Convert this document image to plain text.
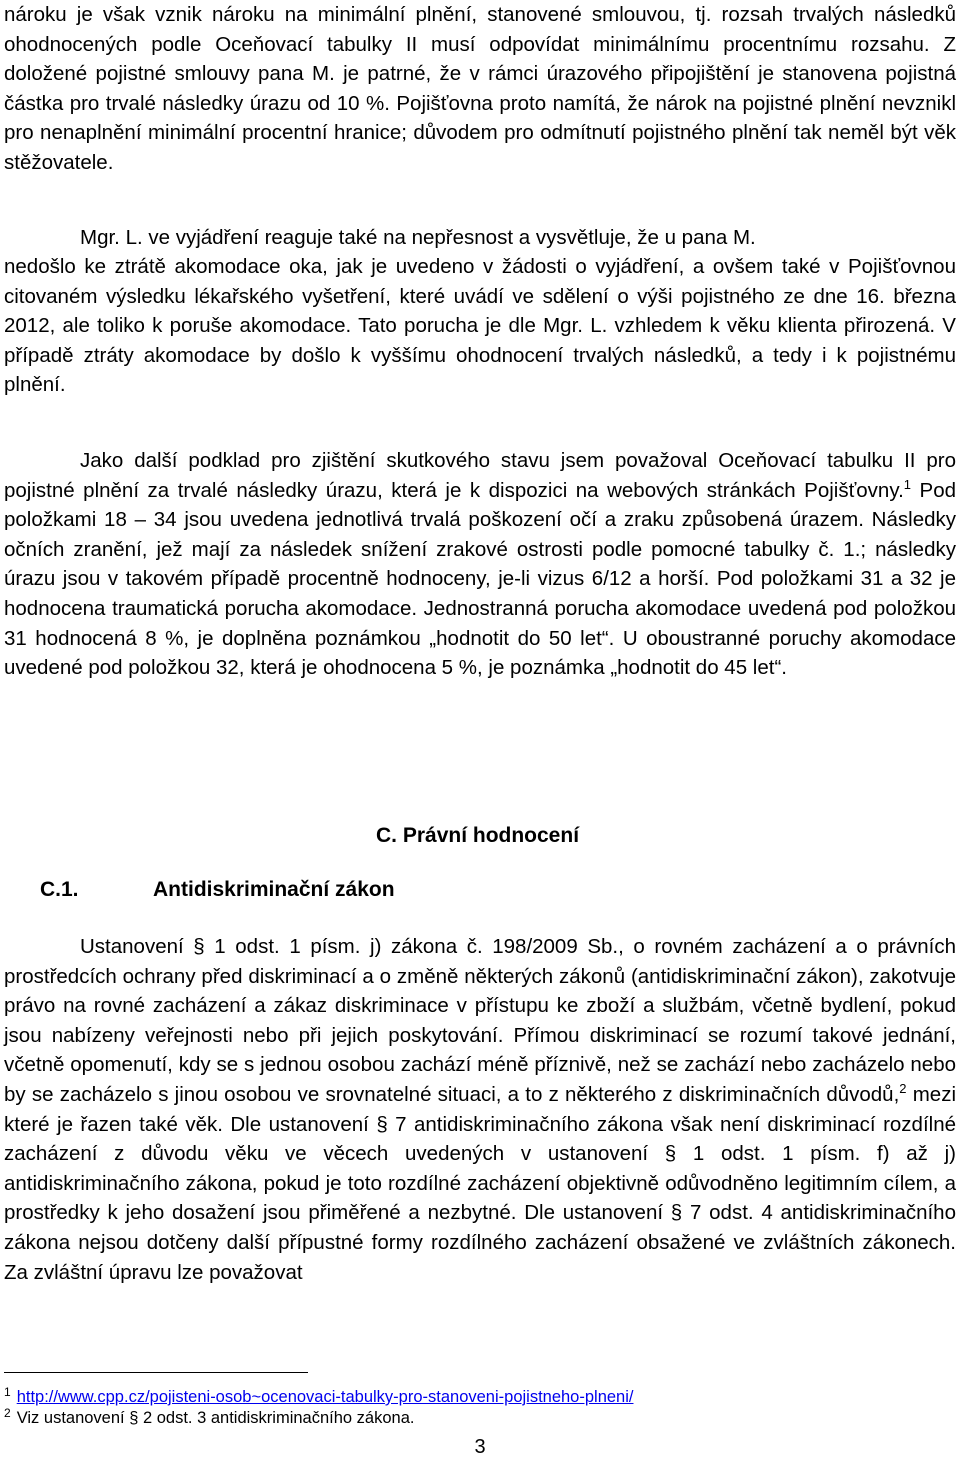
nároku je však vznik nároku na minimální plnění, stanovené smlouvou, tj. rozsah trvalých následků ohodnocených podle Oceňovací tabulky II musí odpovídat minimálnímu procentnímu rozsahu. Z doložené pojistné smlouvy pana M. je patrné, že v rámci úrazového připojištění je stanovena pojistná částka pro trvalé následky úrazu od 10 %. Pojišťovna proto namítá, že nárok na pojistné plnění nevznikl pro nenaplnění minimální procentní hranice; důvodem pro odmítnutí pojistného plnění tak neměl být věk stěžovatele.

Mgr. L. ve vyjádření reaguje také na nepřesnost a vysvětluje, že u pana M.

nedošlo ke ztrátě akomodace oka, jak je uvedeno v žádosti o vyjádření, a ovšem také v Pojišťovnou citovaném výsledku lékařského vyšetření, které uvádí ve sdělení o výši pojistného ze dne 16. března 2012, ale toliko k poruše akomodace. Tato porucha je dle Mgr. L. vzhledem k věku klienta přirozená. V případě ztráty akomodace by došlo k vyššímu ohodnocení trvalých následků, a tedy i k pojistnému plnění.

Jako další podklad pro zjištění skutkového stavu jsem považoval Oceňovací tabulku II pro pojistné plnění za trvalé následky úrazu, která je k dispozici na webových stránkách Pojišťovny.$^1$ Pod položkami 18 – 34 jsou uvedena jednotlivá trvalá poškození očí a zraku způsobená úrazem. Následky očních zranění, jež mají za následek snížení zrakové ostrosti podle pomocné tabulky č. 1.; následky úrazu jsou v takovém případě procentně hodnoceny, je-li vizus 6/12 a horší. Pod položkami 31 a 32 je hodnocena traumatická porucha akomodace. Jednostranná porucha akomodace uvedená pod položkou 31 hodnocená 8 %, je doplněna poznámkou „hodnotit do 50 let“. U oboustranné poruchy akomodace uvedené pod položkou 32, která je ohodnocena 5 %, je poznámka „hodnotit do 45 let“.

C. Právní hodnocení

C.1.	Antidiskriminační zákon

Ustanovení § 1 odst. 1 písm. j) zákona č. 198/2009 Sb., o rovném zacházení a o právních prostředcích ochrany před diskriminací a o změně některých zákonů (antidiskriminační zákon), zakotvuje právo na rovné zacházení a zákaz diskriminace v přístupu ke zboží a službám, včetně bydlení, pokud jsou nabízeny veřejnosti nebo při jejich poskytování. Přímou diskriminací se rozumí takové jednání, včetně opomenutí, kdy se s jednou osobou zachází méně příznivě, než se zachází nebo zacházelo nebo by se zacházelo s jinou osobou ve srovnatelné situaci, a to z některého z diskriminačních důvodů,$^2$ mezi které je řazen také věk. Dle ustanovení § 7 antidiskriminačního zákona však není diskriminací rozdílné zacházení z důvodu věku ve věcech uvedených v ustanovení § 1 odst. 1 písm. f) až j) antidiskriminačního zákona, pokud je toto rozdílné zacházení objektivně odůvodněno legitimním cílem, a prostředky k jeho dosažení jsou přiměřené a nezbytné. Dle ustanovení § 7 odst. 4 antidiskriminačního zákona nejsou dotčeny další přípustné formy rozdílného zacházení obsažené ve zvláštních zákonech. Za zvláštní úpravu lze považovat

$^1$ http://www.cpp.cz/pojisteni-osob~ocenovaci-tabulky-pro-stanoveni-pojistneho-plneni/

$^2$ Viz ustanovení § 2 odst. 3 antidiskriminačního zákona.

3
